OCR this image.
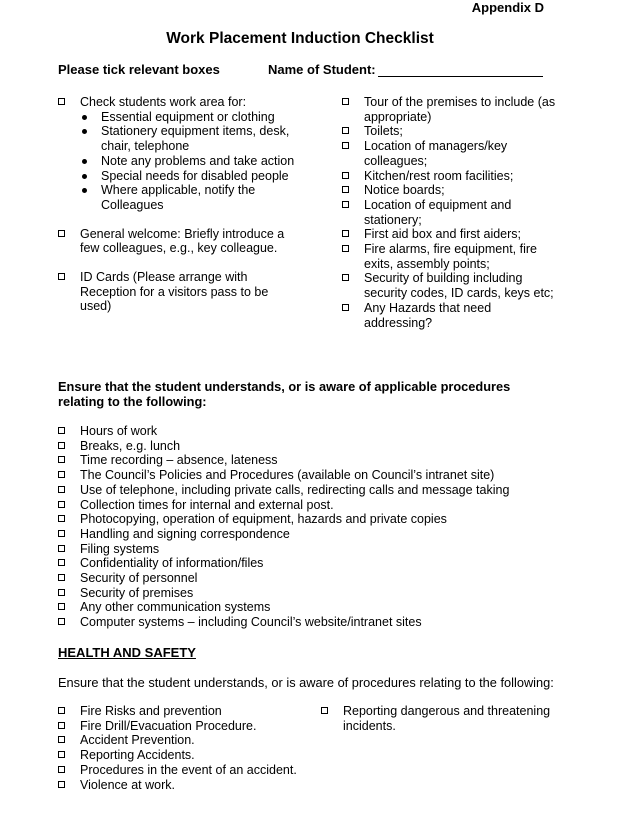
Appendix D
Work Placement Induction Checklist
Please tick relevant boxes	Name of Student:
Check students work area for:
Essential equipment or clothing
Stationery equipment items, desk, chair, telephone
Note any problems and take action
Special needs for disabled people
Where applicable, notify the Colleagues
General welcome: Briefly introduce a few colleagues, e.g., key colleague.
ID Cards (Please arrange with Reception for a visitors pass to be used)
Tour of the premises to include (as appropriate)
Toilets;
Location of managers/key colleagues;
Kitchen/rest room facilities;
Notice boards;
Location of equipment and stationery;
First aid box and first aiders;
Fire alarms, fire equipment, fire exits, assembly points;
Security of building including security codes, ID cards, keys etc;
Any Hazards that need addressing?
Ensure that the student understands, or is aware of applicable procedures relating to the following:
Hours of work
Breaks, e.g. lunch
Time recording – absence, lateness
The Council’s Policies and Procedures (available on Council’s intranet site)
Use of telephone, including private calls, redirecting calls and message taking
Collection times for internal and external post.
Photocopying, operation of equipment, hazards and private copies
Handling and signing correspondence
Filing systems
Confidentiality of information/files
Security of personnel
Security of premises
Any other communication systems
Computer systems – including Council’s website/intranet sites
HEALTH AND SAFETY
Ensure that the student understands, or is aware of procedures relating to the following:
Fire Risks and prevention
Fire Drill/Evacuation Procedure.
Accident Prevention.
Reporting Accidents.
Procedures in the event of an accident.
Violence at work.
Reporting dangerous and threatening incidents.
